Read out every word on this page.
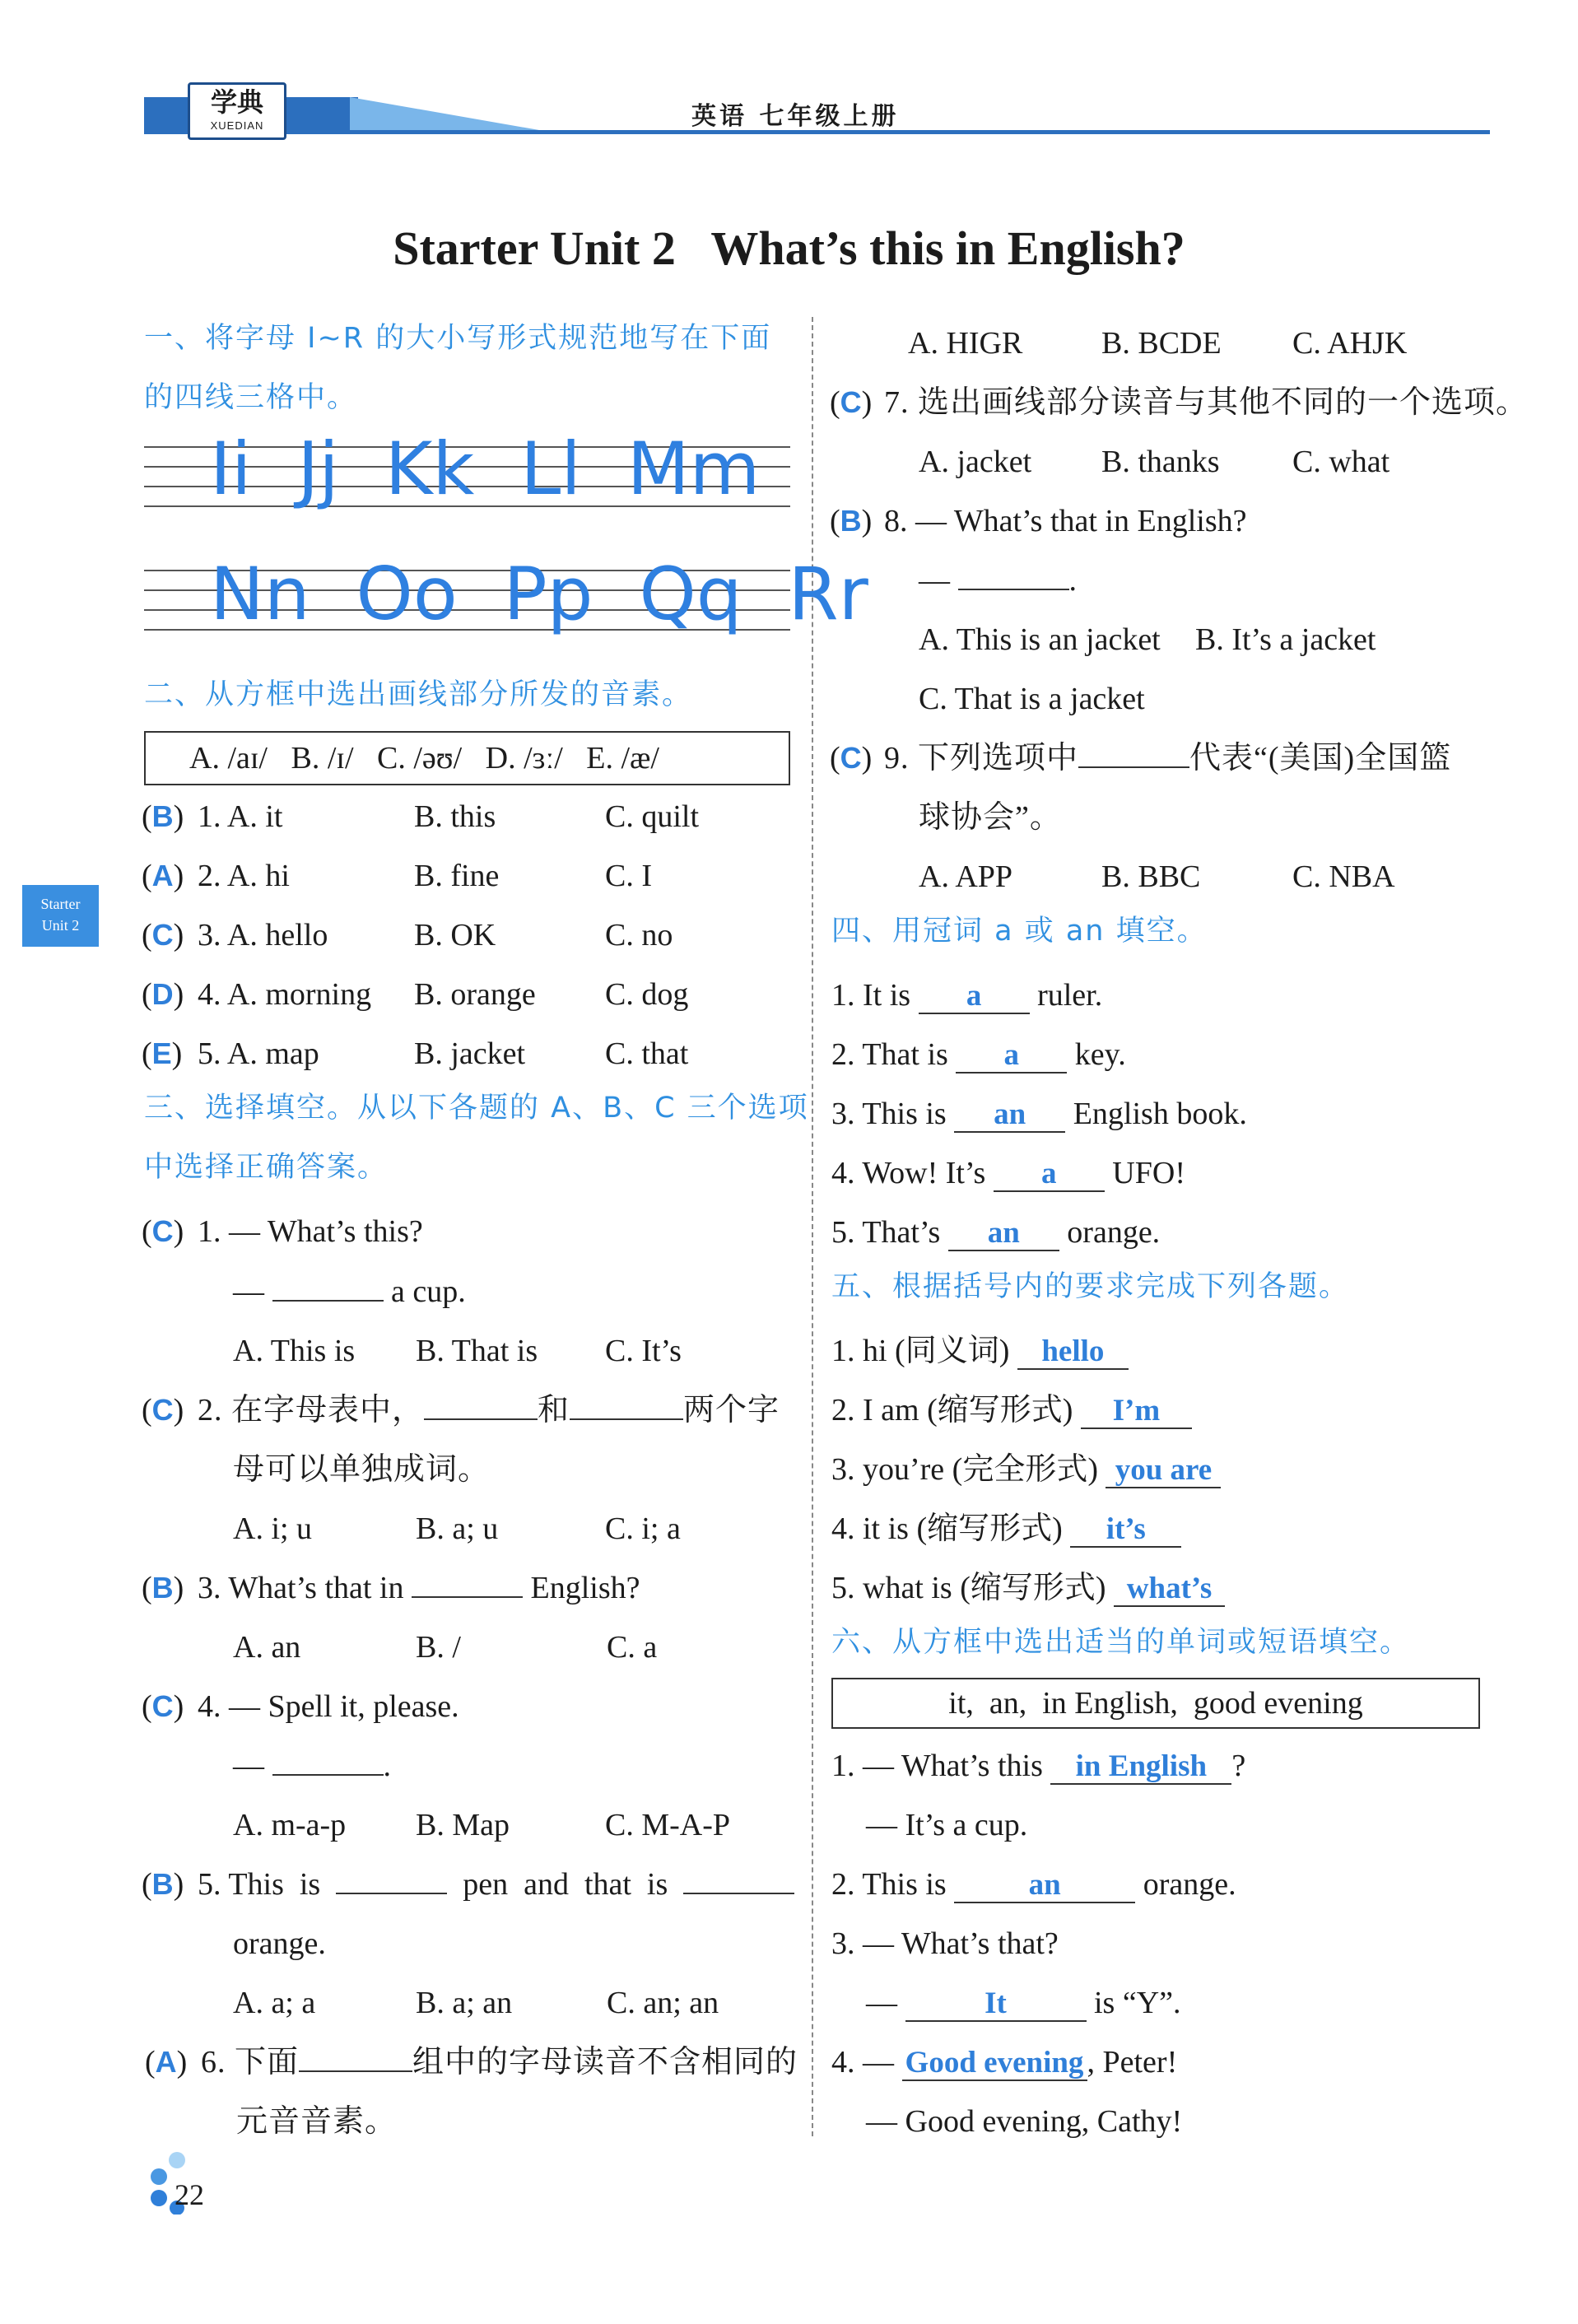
学典
XUEDIAN	英语 七年级上册
Starter Unit 2   What’s this in English?
Starter
Unit 2
一、将字母 I~R 的大小写形式规范地写在下面
的四线三格中。
Ii  Jj  Kk  Ll  Mm
Nn  Oo  Pp  Qq  Rr
二、从方框中选出画线部分所发的音素。
A. /aɪ/   B. /ɪ/   C. /əʊ/   D. /ɜː/   E. /æ/
(B) 1. A. it	B. this	C. quilt
(A) 2. A. hi	B. fine	C. I
(C) 3. A. hello	B. OK	C. no
(D) 4. A. morning B. orange C. dog
(E) 5. A. map	B. jacket	C. that
三、选择填空。从以下各题的 A、B、C 三个选项
中选择正确答案。
(C) 1. — What’s this?
—	a cup.
A. This is B. That is C. It’s
(C) 2. 在字母表中，	和	两个字
母可以单独成词。
A. i; u	B. a; u	C. i; a
(B) 3. What’s that in	English?
A. an	B. /	C. a
(C) 4. — Spell it, please.
—	.
A. m-a-p B. Map	C. M-A-P
(B) 5. This  is	pen  and  that  is
orange.
A. a; a	B. a; an	C. an; an
(A) 6. 下面	组中的字母读音不含相同的
元音音素。
22
A. HIGR	B. BCDE C. AHJK
(C) 7. 选出画线部分读音与其他不同的一个选项。
A. jacket B. thanks C. what
(B) 8. — What’s that in English?
—	.
A. This is an jacket B. It’s a jacket
C. That is a jacket
(C) 9. 下列选项中	代表“(美国)全国篮
球协会”。
A. APP	B. BBC	C. NBA
四、用冠词 a 或 an 填空。
1. It is a ruler.
2. That is a key.
3. This is an English book.
4. Wow! It’s a UFO!
5. That’s an orange.
五、根据括号内的要求完成下列各题。
1. hi (同义词) hello
2. I am (缩写形式) I’m
3. you’re (完全形式) you are
4. it is (缩写形式) it’s
5. what is (缩写形式) what’s
六、从方框中选出适当的单词或短语填空。
it,  an,  in English,  good evening
1. — What’s this in English ?
— It’s a cup.
2. This is	an	orange.
3. — What’s that?
—	It	is “Y”.
4. — Good evening , Peter!
— Good evening, Cathy!
